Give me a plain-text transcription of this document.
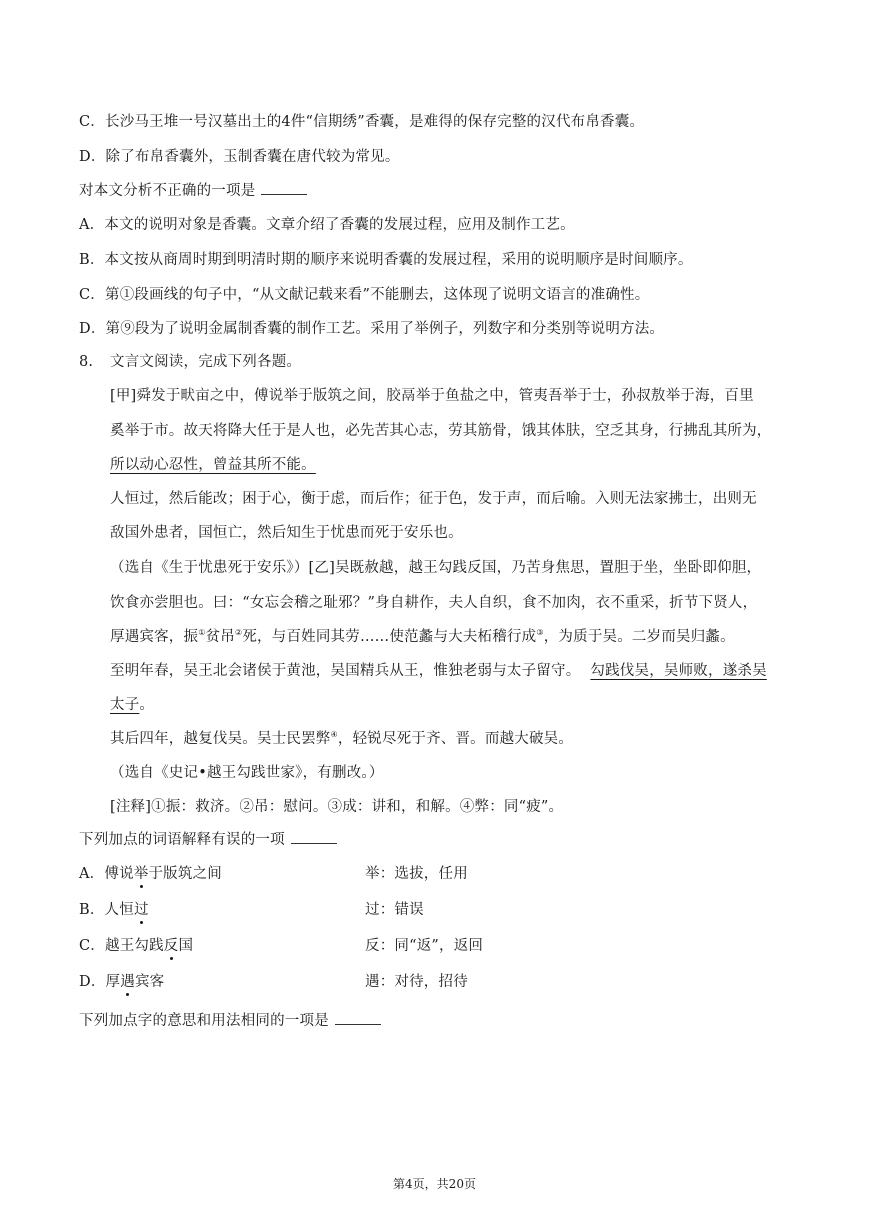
C．长沙马王堆一号汉墓出土的4件“信期绣”香囊，是难得的保存完整的汉代布帛香囊。
D．除了布帛香囊外，玉制香囊在唐代较为常见。
对本文分析不正确的一项是
A．本文的说明对象是香囊。文章介绍了香囊的发展过程，应用及制作工艺。
B．本文按从商周时期到明清时期的顺序来说明香囊的发展过程，采用的说明顺序是时间顺序。
C．第①段画线的句子中，“从文献记载来看”不能删去，这体现了说明文语言的准确性。
D．第⑨段为了说明金属制香囊的制作工艺。采用了举例子，列数字和分类别等说明方法。
8. 文言文阅读，完成下列各题。
[甲]舜发于畎亩之中，傅说举于版筑之间，胶鬲举于鱼盐之中，管夷吾举于士，孙叔敖举于海，百里
奚举于市。故天将降大任于是人也，必先苦其心志，劳其筋骨，饿其体肤，空乏其身，行拂乱其所为，
所以动心忍性，曾益其所不能。
人恒过，然后能改；困于心，衡于虑，而后作；征于色，发于声，而后喻。入则无法家拂士，出则无
敌国外患者，国恒亡，然后知生于忧患而死于安乐也。
（选自《生于忧患死于安乐》）[乙]吴既赦越，越王勾践反国，乃苦身焦思，置胆于坐，坐卧即仰胆，
饮食亦尝胆也。曰：“女忘会稽之耻邪？”身自耕作，夫人自织，食不加肉，衣不重采，折节下贤人，
厚遇宾客，振①贫吊②死，与百姓同其劳……使范蠡与大夫柘稽行成③，为质于吴。二岁而吴归蠡。
至明年春，吴王北会诸侯于黄池，吴国精兵从王，惟独老弱与太子留守。 勾践伐吴，吴师败，遂杀吴
太子。
其后四年，越复伐吴。吴士民罢弊④，轻锐尽死于齐、晋。而越大破吴。
（选自《史记•越王勾践世家》，有删改。）
[注释]①振：救济。②吊：慰问。③成：讲和，和解。④弊：同“疲”。
下列加点的词语解释有误的一项
A．傅说举于版筑之间	举：选拔，任用
B．人恒过	过：错误
C．越王勾践反国	反：同“返”，返回
D．厚遇宾客	遇：对待，招待
下列加点字的意思和用法相同的一项是
第4页，共20页
